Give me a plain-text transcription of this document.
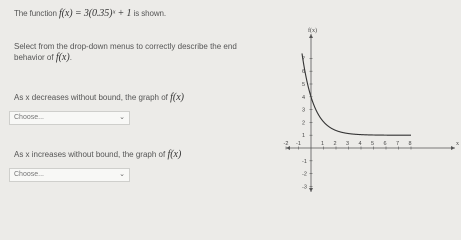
The function f(x) = 3(0.35)ˣ + 1 is shown.
Select from the drop-down menus to correctly describe the end behavior of f(x).
As x decreases without bound, the graph of f(x)
Choose...	⌄
As x increases without bound, the graph of f(x)
Choose...	⌄
f(x)
x
-2 -1	1 2 3 4 5 6 7 8
-3
-2
-1
1
2
3
4
5
6
7
